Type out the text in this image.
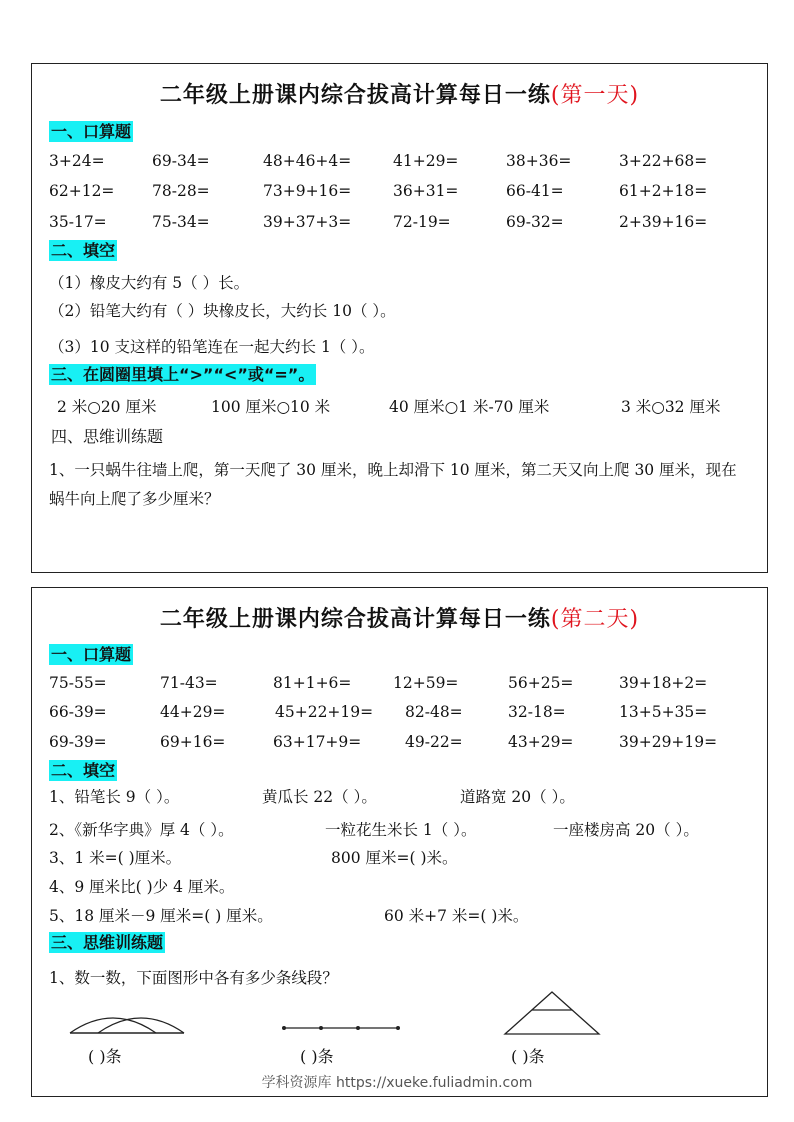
二年级上册课内综合拔高计算每日一练(第一天)
一、口算题
3+24=	69-34=	48+46+4=	41+29=	38+36=	3+22+68=
62+12= 78-28=	73+9+16=	36+31=	66-41=	61+2+18=
35-17=	75-34=	39+37+3=	72-19=	69-32=	2+39+16=
二、填空
（1）橡皮大约有 5（ ）长。
（2）铅笔大约有（ ）块橡皮长，大约长 10（ ）。
（3）10 支这样的铅笔连在一起大约长 1（ ）。
三、在圆圈里填上“>”“<”或“=”。
2 米○20 厘米	100 厘米○10 米	40 厘米○1 米-70 厘米	3 米○32 厘米
四、思维训练题
1、一只蜗牛往墙上爬，第一天爬了 30 厘米，晚上却滑下 10 厘米，第二天又向上爬 30 厘米，现在蜗牛向上爬了多少厘米？
二年级上册课内综合拔高计算每日一练(第二天)
一、口算题
75-55=	71-43=	81+1+6=	12+59=	56+25=	39+18+2=
66-39=	44+29=	45+22+19= 82-48=	32-18=	13+5+35=
69-39=	69+16=	63+17+9=	49-22=	43+29=	39+29+19=
二、填空
1、铅笔长 9（ ）。	黄瓜长 22（ ）。	道路宽 20（ ）。
2、《新华字典》厚 4（ ）。	一粒花生米长 1（ ）。	一座楼房高 20（ ）。
3、1 米=( )厘米。	800 厘米=( )米。
4、9 厘米比( )少 4 厘米。
5、18 厘米－9 厘米=( ) 厘米。	60 米+7 米=( )米。
三、思维训练题
1、数一数，下面图形中各有多少条线段？
( )条	( )条	( )条
学科资源库 https://xueke.fuliadmin.com
